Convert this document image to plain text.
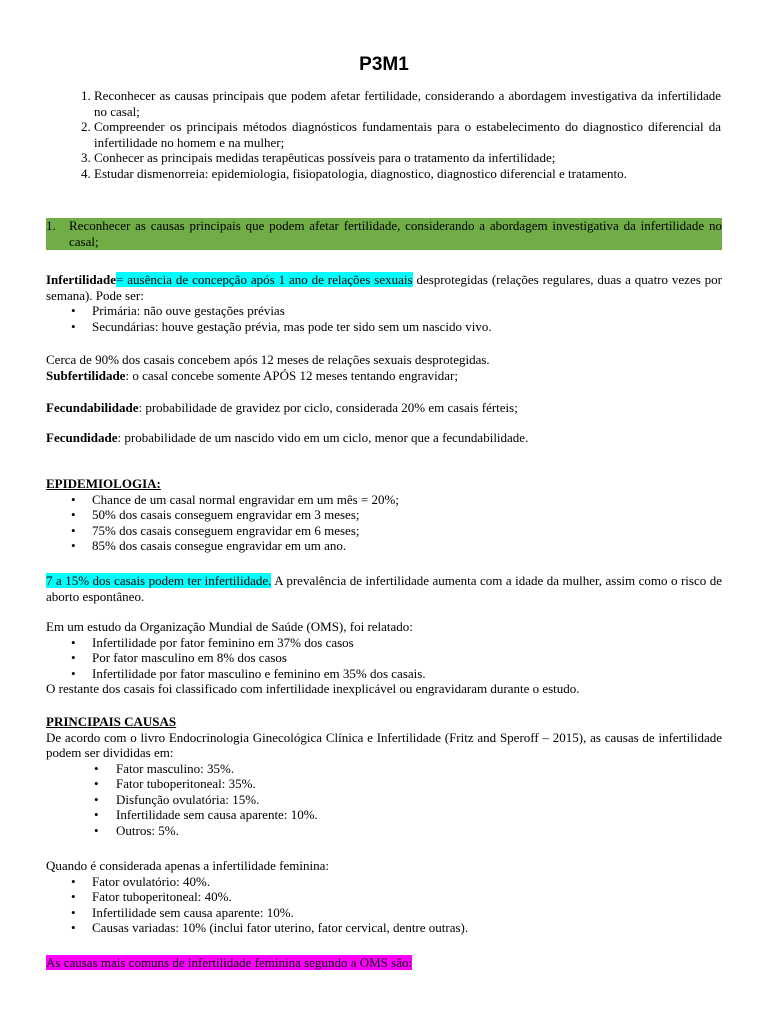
P3M1
1. Reconhecer as causas principais que podem afetar fertilidade, considerando a abordagem investigativa da infertilidade no casal;
2. Compreender os principais métodos diagnósticos fundamentais para o estabelecimento do diagnostico diferencial da infertilidade no homem e na mulher;
3. Conhecer as principais medidas terapêuticas possíveis para o tratamento da infertilidade;
4. Estudar dismenorreia: epidemiologia, fisiopatologia, diagnostico, diagnostico diferencial e tratamento.
1. Reconhecer as causas principais que podem afetar fertilidade, considerando a abordagem investigativa da infertilidade no casal;

Infertilidade= ausência de concepção após 1 ano de relações sexuais desprotegidas (relações regulares, duas a quatro vezes por semana). Pode ser:

• Primária: não ouve gestações prévias
• Secundárias: houve gestação prévia, mas pode ter sido sem um nascido vivo.

Cerca de 90% dos casais concebem após 12 meses de relações sexuais desprotegidas.

Subfertilidade: o casal concebe somente APÓS 12 meses tentando engravidar;

Fecundabilidade: probabilidade de gravidez por ciclo, considerada 20% em casais férteis;

Fecundidade: probabilidade de um nascido vido em um ciclo, menor que a fecundabilidade.

EPIDEMIOLOGIA:

• Chance de um casal normal engravidar em um mês = 20%;
• 50% dos casais conseguem engravidar em 3 meses;
• 75% dos casais conseguem engravidar em 6 meses;
• 85% dos casais consegue engravidar em um ano.

7 a 15% dos casais podem ter infertilidade. A prevalência de infertilidade aumenta com a idade da mulher, assim como o risco de aborto espontâneo.

Em um estudo da Organização Mundial de Saúde (OMS), foi relatado:

• Infertilidade por fator feminino em 37% dos casos
• Por fator masculino em 8% dos casos
• Infertilidade por fator masculino e feminino em 35% dos casais.

O restante dos casais foi classificado com infertilidade inexplicável ou engravidaram durante o estudo.

PRINCIPAIS CAUSAS

De acordo com o livro Endocrinologia Ginecológica Clínica e Infertilidade (Fritz and Speroff – 2015), as causas de infertilidade podem ser divididas em:

• Fator masculino: 35%.
• Fator tuboperitoneal: 35%.
• Disfunção ovulatória: 15%.
• Infertilidade sem causa aparente: 10%.
• Outros: 5%.

Quando é considerada apenas a infertilidade feminina:

• Fator ovulatório: 40%.
• Fator tuboperitoneal: 40%.
• Infertilidade sem causa aparente: 10%.
• Causas variadas: 10% (inclui fator uterino, fator cervical, dentre outras).

As causas mais comuns de infertilidade feminina segundo a OMS são:
